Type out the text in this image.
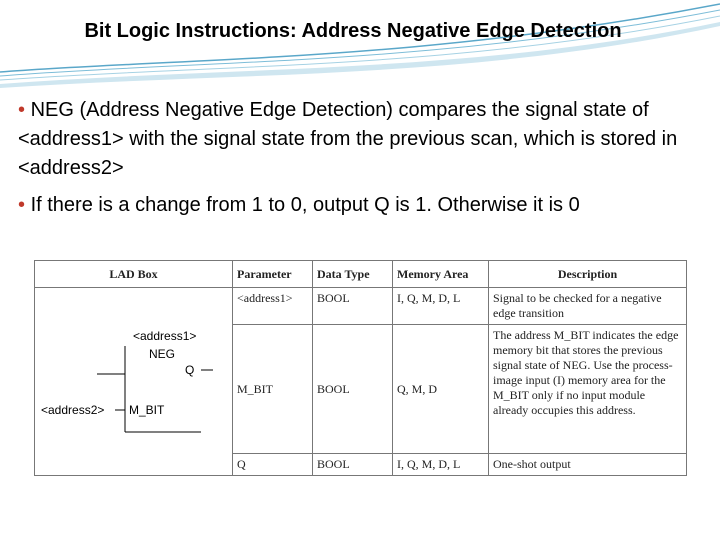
Bit Logic Instructions: Address Negative Edge Detection
• NEG (Address Negative Edge Detection) compares the signal state of <address1> with the signal state from the previous scan, which is stored in <address2>
• If there is a change from 1 to 0, output Q is 1. Otherwise it is 0
LAD Box	Parameter	Data Type	Memory Area	Description

<address1>
NEG
Q
<address2> M_BIT	<address1>	BOOL	I, Q, M, D, L	Signal to be checked for a negative edge transition
	M_BIT	BOOL	Q, M, D	The address M_BIT indicates the edge memory bit that stores the previous signal state of NEG. Use the process-image input (I) memory area for the M_BIT only if no input module already occupies this address.
	Q	BOOL	I, Q, M, D, L	One-shot output
